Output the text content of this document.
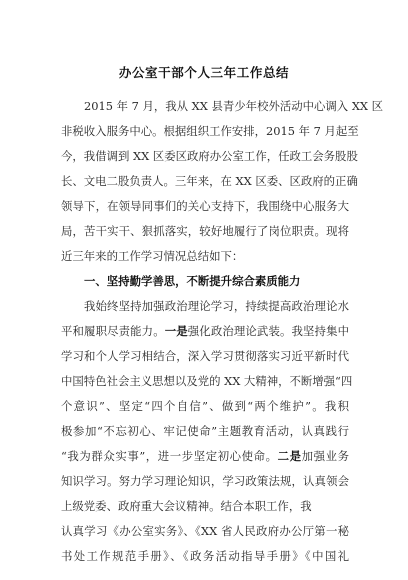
办公室干部个人三年工作总结
2015 年 7 月，我从 XX 县青少年校外活动中心调入 XX 区
非税收入服务中心。根据组织工作安排，2015 年 7 月起至
今，我借调到 XX 区委区政府办公室工作，任政工会务股股
长、文电二股负责人。三年来，在 XX 区委、区政府的正确
领导下，在领导同事们的关心支持下，我围绕中心服务大
局，苦干实干、狠抓落实，较好地履行了岗位职责。现将
近三年来的工作学习情况总结如下：
一、坚持勤学善思，不断提升综合素质能力
我始终坚持加强政治理论学习，持续提高政治理论水
平和履职尽责能力。一是强化政治理论武装。我坚持集中
学习和个人学习相结合，深入学习贯彻落实习近平新时代
中国特色社会主义思想以及党的 XX 大精神，不断增强“四
个意识”、坚定“四个自信”、做到“两个维护”。我积
极参加“不忘初心、牢记使命”主题教育活动，认真践行
“我为群众实事”，进一步坚定初心使命。二是加强业务
知识学习。努力学习理论知识，学习政策法规，认真领会
上级党委、政府重大会议精神。结合本职工作，我
认真学习《办公室实务》、《XX 省人民政府办公厅第一秘
书处工作规范手册》、《政务活动指导手册》《中国礼
